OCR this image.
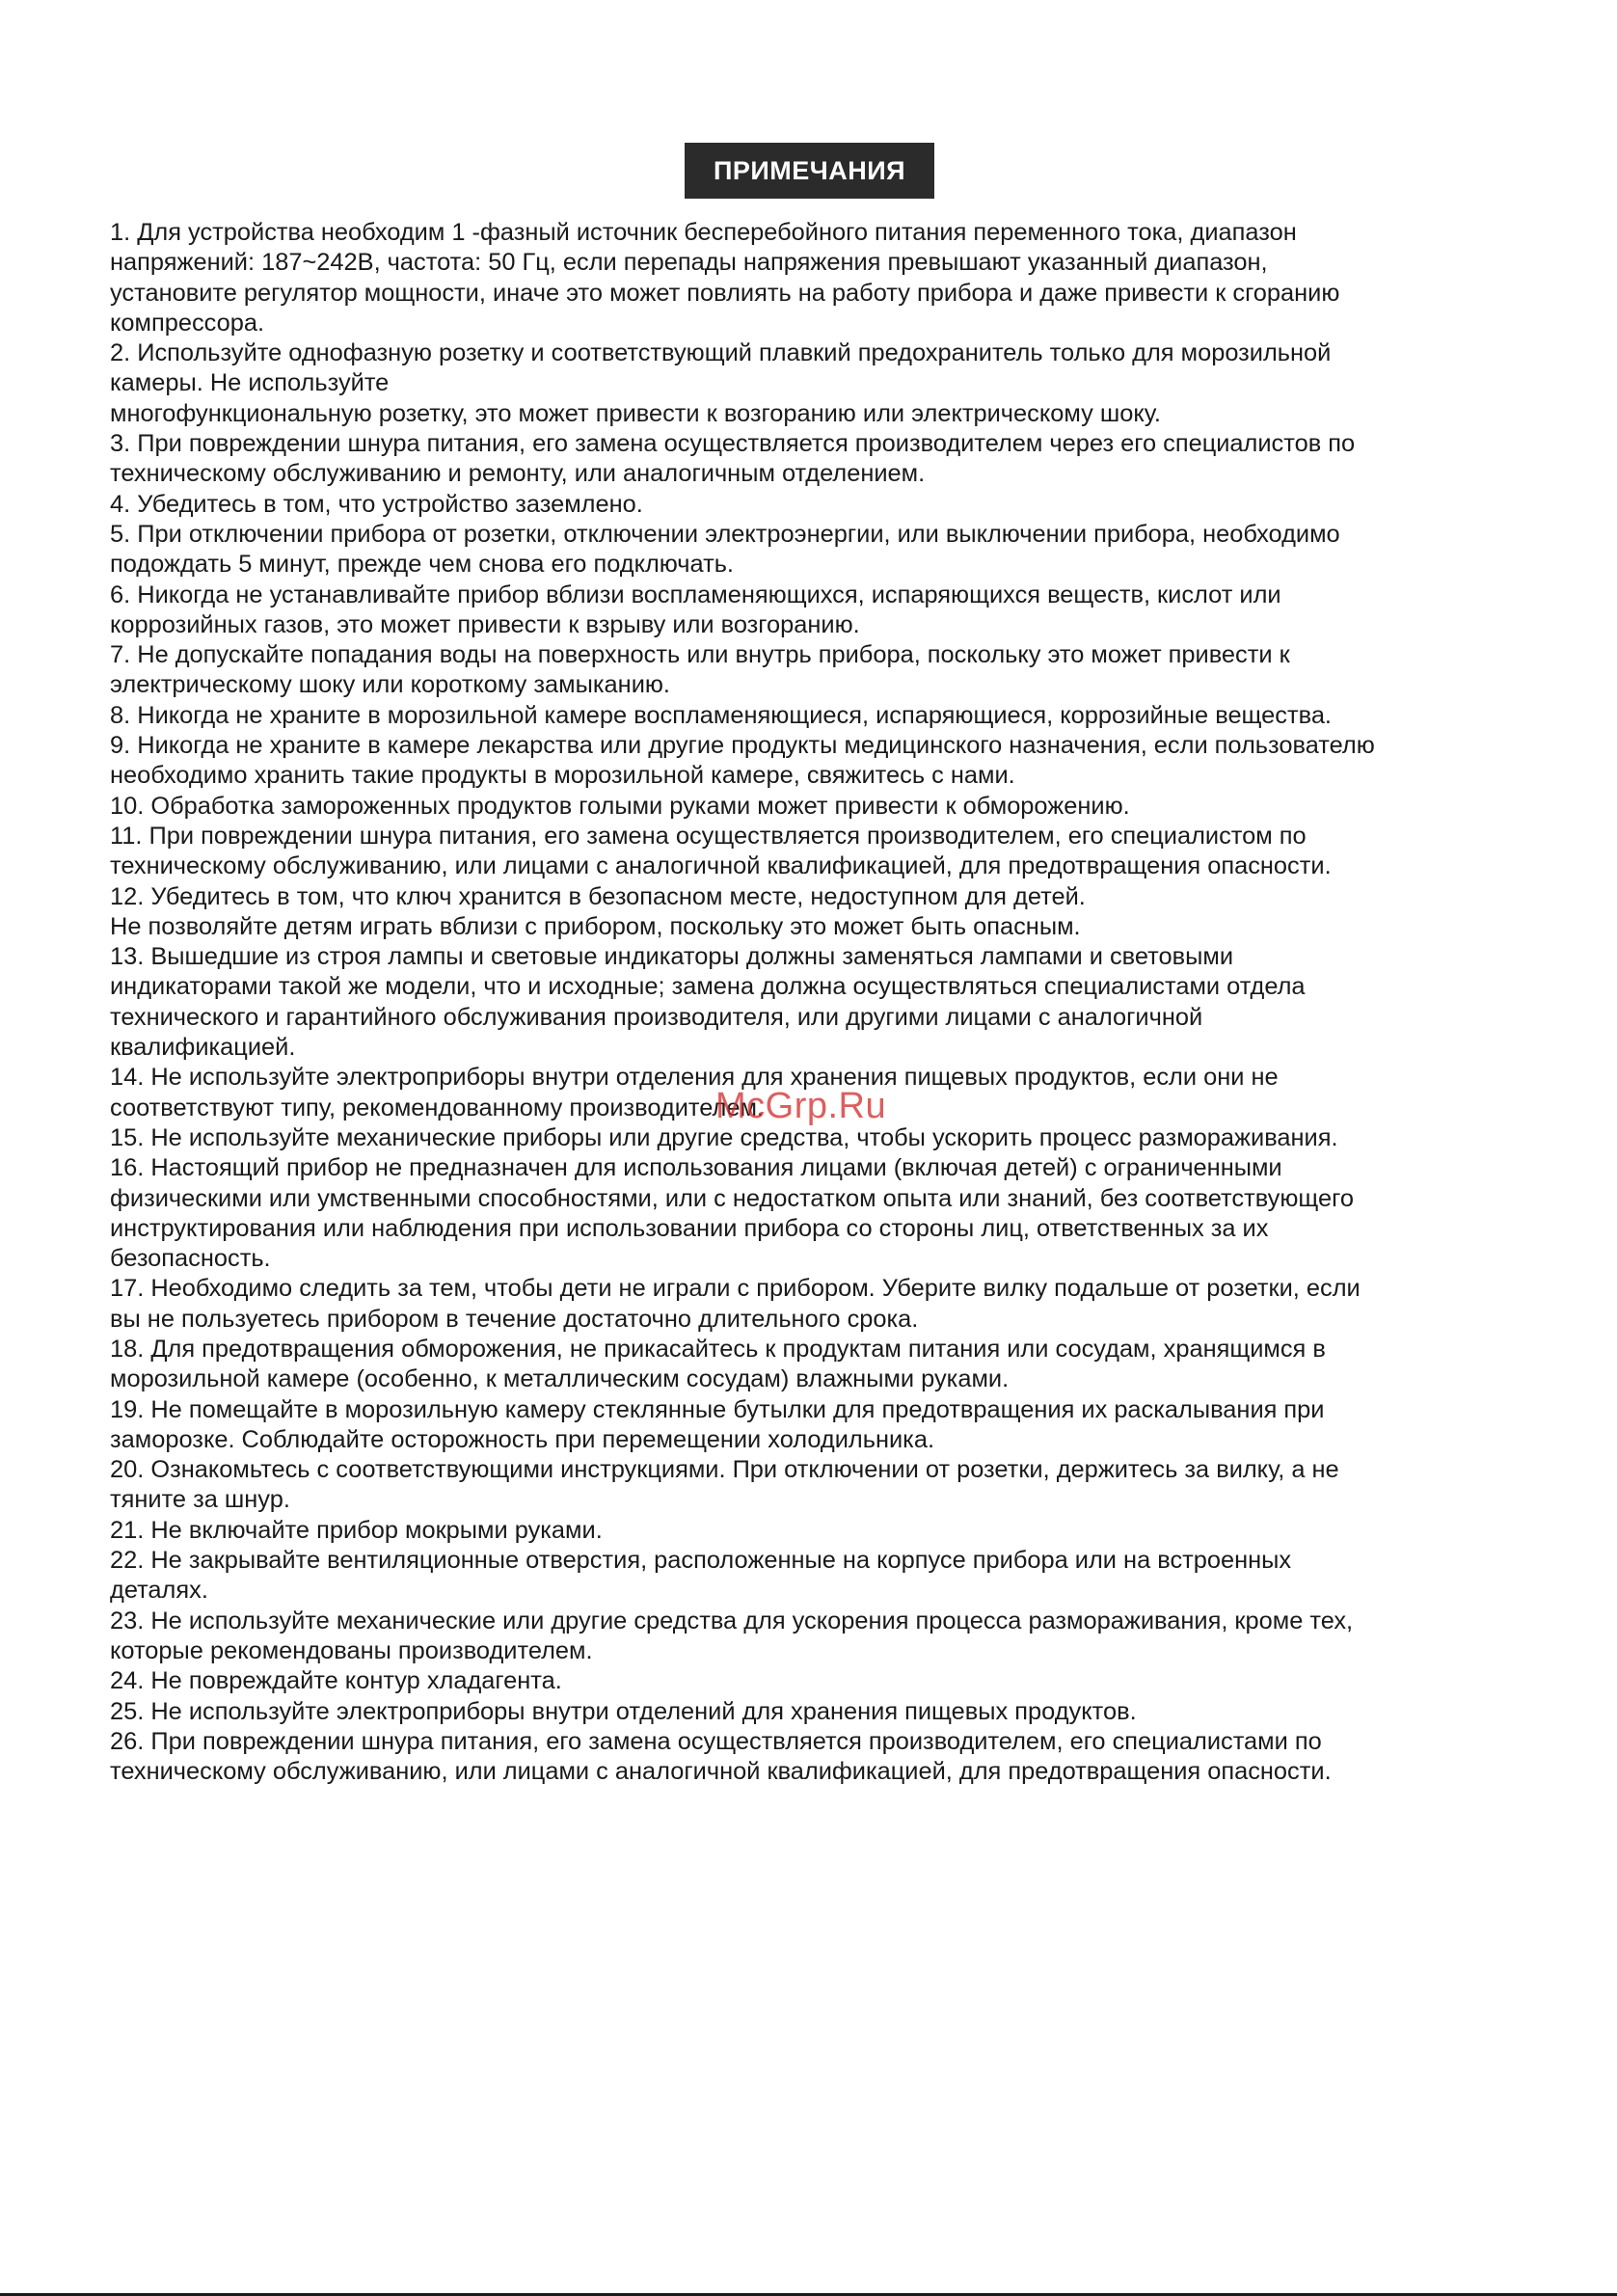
ПРИМЕЧАНИЯ
1. Для устройства необходим 1 -фазный источник бесперебойного питания переменного тока, диапазон
напряжений: 187~242В, частота: 50 Гц, если перепады напряжения превышают указанный диапазон,
установите регулятор мощности, иначе это может повлиять на работу прибора и даже привести к сгоранию
компрессора.
2. Используйте однофазную розетку и соответствующий плавкий предохранитель только для морозильной
камеры. Не используйте
многофункциональную розетку, это может привести к возгоранию или электрическому шоку.
3. При повреждении шнура питания, его замена осуществляется производителем через его специалистов по
техническому обслуживанию и ремонту, или аналогичным отделением.
4. Убедитесь в том, что устройство заземлено.
5. При отключении прибора от розетки, отключении электроэнергии, или выключении прибора, необходимо
подождать 5 минут, прежде чем снова его подключать.
6. Никогда не устанавливайте прибор вблизи воспламеняющихся, испаряющихся веществ, кислот или
коррозийных газов, это может привести к взрыву или возгоранию.
7. Не допускайте попадания воды на поверхность или внутрь прибора, поскольку это может привести к
электрическому шоку или короткому замыканию.
8. Никогда не храните в морозильной камере воспламеняющиеся, испаряющиеся, коррозийные вещества.
9. Никогда не храните в камере лекарства или другие продукты медицинского назначения, если пользователю
необходимо хранить такие продукты в морозильной камере, свяжитесь с нами.
10. Обработка замороженных продуктов голыми руками может привести к обморожению.
11. При повреждении шнура питания, его замена осуществляется производителем, его специалистом по
техническому обслуживанию, или лицами с аналогичной квалификацией, для предотвращения опасности.
12. Убедитесь в том, что ключ хранится в безопасном месте, недоступном для детей.
Не позволяйте детям играть вблизи с прибором, поскольку это может быть опасным.
13. Вышедшие из строя лампы и световые индикаторы должны заменяться лампами и световыми
индикаторами такой же модели, что и исходные; замена должна осуществляться специалистами отдела
технического и гарантийного обслуживания производителя, или другими лицами с аналогичной
квалификацией.
14. Не используйте электроприборы внутри отделения для хранения пищевых продуктов, если они не
соответствуют типу, рекомендованному производителем.
15. Не используйте механические приборы или другие средства, чтобы ускорить процесс размораживания.
16. Настоящий прибор не предназначен для использования лицами (включая детей) с ограниченными
физическими или умственными способностями, или с недостатком опыта или знаний, без соответствующего
инструктирования или наблюдения при использовании прибора со стороны лиц, ответственных за их
безопасность.
17. Необходимо следить за тем, чтобы дети не играли с прибором. Уберите вилку подальше от розетки, если
вы не пользуетесь прибором в течение достаточно длительного срока.
18. Для предотвращения обморожения, не прикасайтесь к продуктам питания или сосудам, хранящимся в
морозильной камере (особенно, к металлическим сосудам) влажными руками.
19. Не помещайте в морозильную камеру стеклянные бутылки для предотвращения их раскалывания при
заморозке. Соблюдайте осторожность при перемещении холодильника.
20. Ознакомьтесь с соответствующими инструкциями. При отключении от розетки, держитесь за вилку, а не
тяните за шнур.
21. Не включайте прибор мокрыми руками.
22. Не закрывайте вентиляционные отверстия, расположенные на корпусе прибора или на встроенных
деталях.
23. Не используйте механические или другие средства для ускорения процесса размораживания, кроме тех,
которые рекомендованы производителем.
24. Не повреждайте контур хладагента.
25. Не используйте электроприборы внутри отделений для хранения пищевых продуктов.
26. При повреждении шнура питания, его замена осуществляется производителем, его специалистами по
техническому обслуживанию, или лицами с аналогичной квалификацией, для предотвращения опасности.
McGrp.Ru
